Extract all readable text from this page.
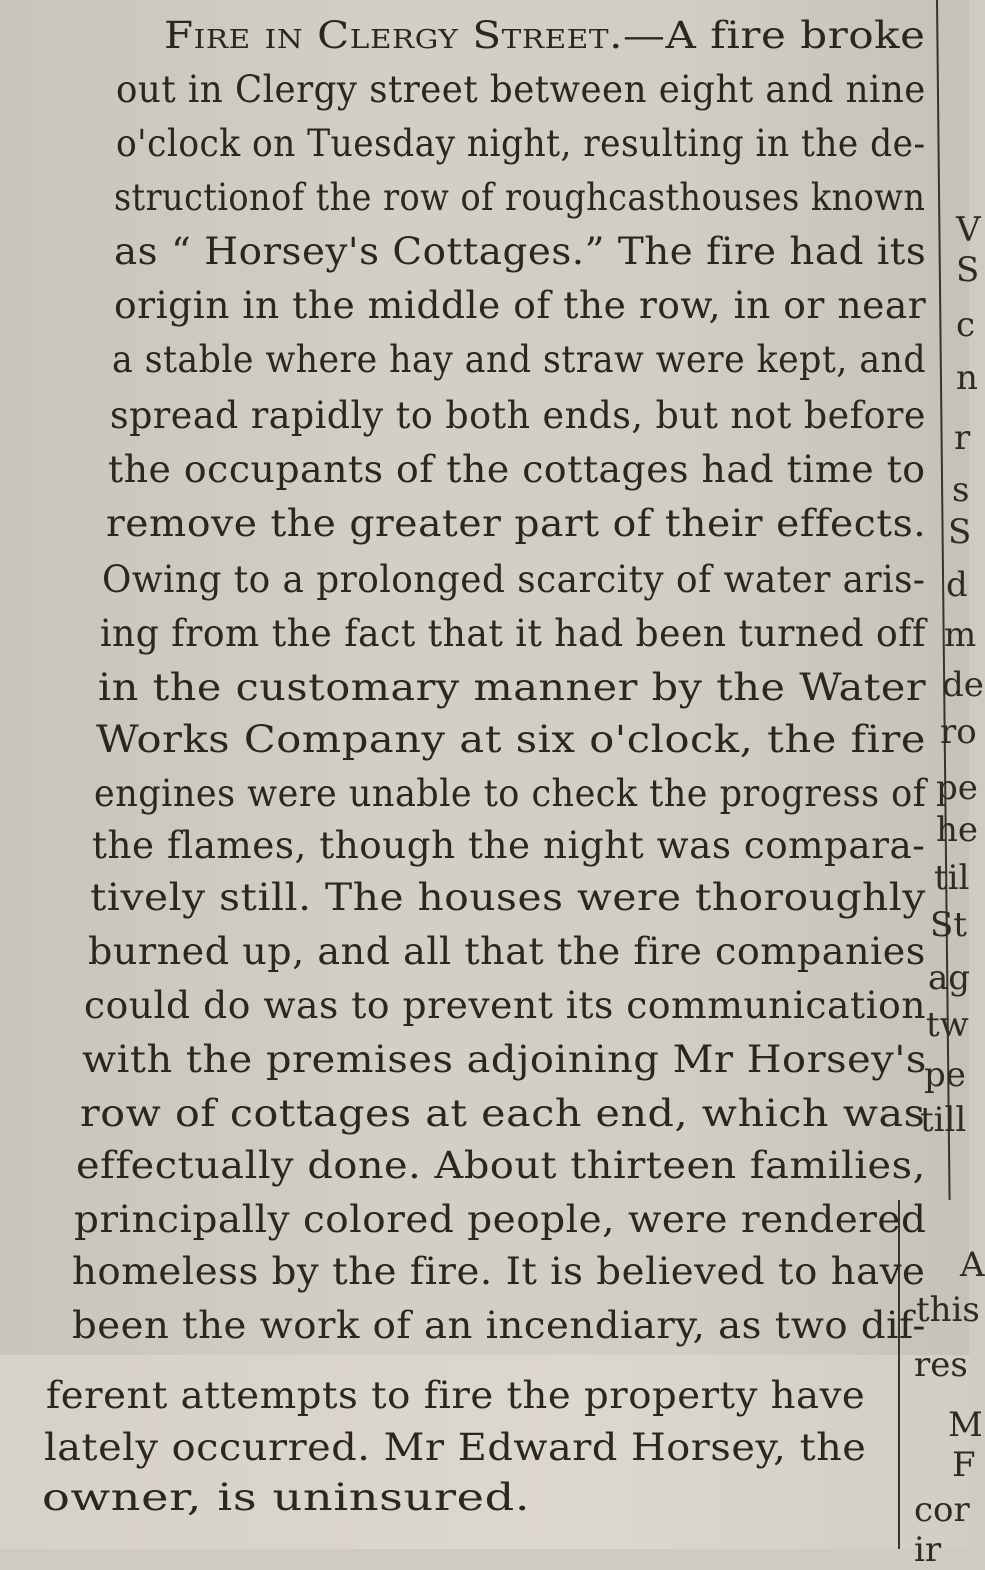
Fire in Clergy Street.—A fire broke
out in Clergy street between eight and nine
o'clock on Tuesday night, resulting in the de-
structionof the row of roughcasthouses known
as “ Horsey's Cottages.” The fire had its
origin in the middle of the row, in or near
a stable where hay and straw were kept, and
spread rapidly to both ends, but not before
the occupants of the cottages had time to
remove the greater part of their effects.
Owing to a prolonged scarcity of water aris-
ing from the fact that it had been turned off
in the customary manner by the Water
Works Company at six o'clock, the fire
engines were unable to check the progress of
the flames, though the night was compara-
tively still. The houses were thoroughly
burned up, and all that the fire companies
could do was to prevent its communication
with the premises adjoining Mr Horsey's
row of cottages at each end, which was
effectually done. About thirteen families,
principally colored people, were rendered
homeless by the fire. It is believed to have
been the work of an incendiary, as two dif-
ferent attempts to fire the property have
lately occurred. Mr Edward Horsey, the
owner, is uninsured.
V
S
c
n
r
s
S
d
m
de
ro
pe
he
til
St
ag
tw
pe
till
A
this
res
M
F
cor
ir
